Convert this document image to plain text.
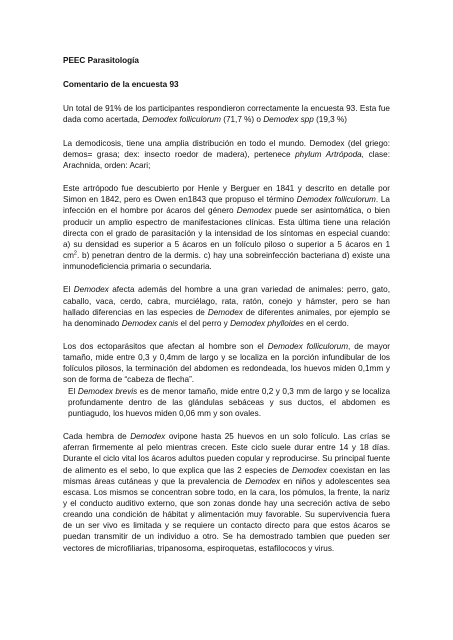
PEEC Parasitología
Comentario de la encuesta 93

Un total de 91% de los participantes respondieron correctamente la encuesta 93. Esta fue dada como acertada, Demodex folliculorum (71,7 %) o Demodex spp (19,3 %)

La demodicosis, tiene una amplia distribución en todo el mundo. Demodex (del griego: demos= grasa; dex: insecto roedor de madera), pertenece phylum Artrópoda, clase: Arachnida, orden: Acari;

Este artrópodo fue descubierto por Henle y Berguer en 1841 y descrito en detalle por Simon en 1842, pero es Owen en1843 que propuso el término Demodex folliculorum. La infección en el hombre por ácaros del género Demodex puede ser asintomática, o bien producir un amplio espectro de manifestaciones clínicas. Esta última tiene una relación directa con el grado de parasitación y la intensidad de los síntomas en especial cuando: a) su densidad es superior a 5 ácaros en un folículo piloso o superior a 5 ácaros en 1 $cm^2$. b) penetran dentro de la dermis. c) hay una sobreinfección bacteriana d) existe una inmunodeficiencia primaria o secundaria.

El Demodex afecta además del hombre a una gran variedad de animales: perro, gato, caballo, vaca, cerdo, cabra, murciélago, rata, ratón, conejo y hámster, pero se han hallado diferencias en las especies de Demodex de diferentes animales, por ejemplo se ha denominado Demodex canis el del perro y Demodex phylloides en el cerdo.

Los dos ectoparásitos que afectan al hombre son el Demodex folliculorum, de mayor tamaño, mide entre 0,3 y 0,4mm de largo y se localiza en la porción infundibular de los folículos pilosos, la terminación del abdomen es redondeada, los huevos miden 0,1mm y son de forma de “cabeza de flecha”.

El Demodex brevis es de menor tamaño, mide entre 0,2 y 0,3 mm de largo y se localiza profundamente dentro de las glándulas sebáceas y sus ductos, el abdomen es puntiagudo, los huevos miden 0,06 mm y son ovales.

Cada hembra de Demodex ovipone hasta 25 huevos en un solo folículo. Las crías se aferran firmemente al pelo mientras crecen. Este ciclo suele durar entre 14 y 18 días. Durante el ciclo vital los ácaros adultos pueden copular y reproducirse. Su principal fuente de alimento es el sebo, lo que explica que las 2 especies de Demodex coexistan en las mismas áreas cutáneas y que la prevalencia de Demodex en niños y adolescentes sea escasa. Los mismos se concentran sobre todo, en la cara, los pómulos, la frente, la nariz y el conducto auditivo externo, que son zonas donde hay una secreción activa de sebo creando una condición de hábitat y alimentación muy favorable. Su supervivencia fuera de un ser vivo es limitada y se requiere un contacto directo para que estos ácaros se puedan transmitir de un individuo a otro. Se ha demostrado tambien que pueden ser vectores de microfiliarias, tripanosoma, espiroquetas, estafilococos y virus.
